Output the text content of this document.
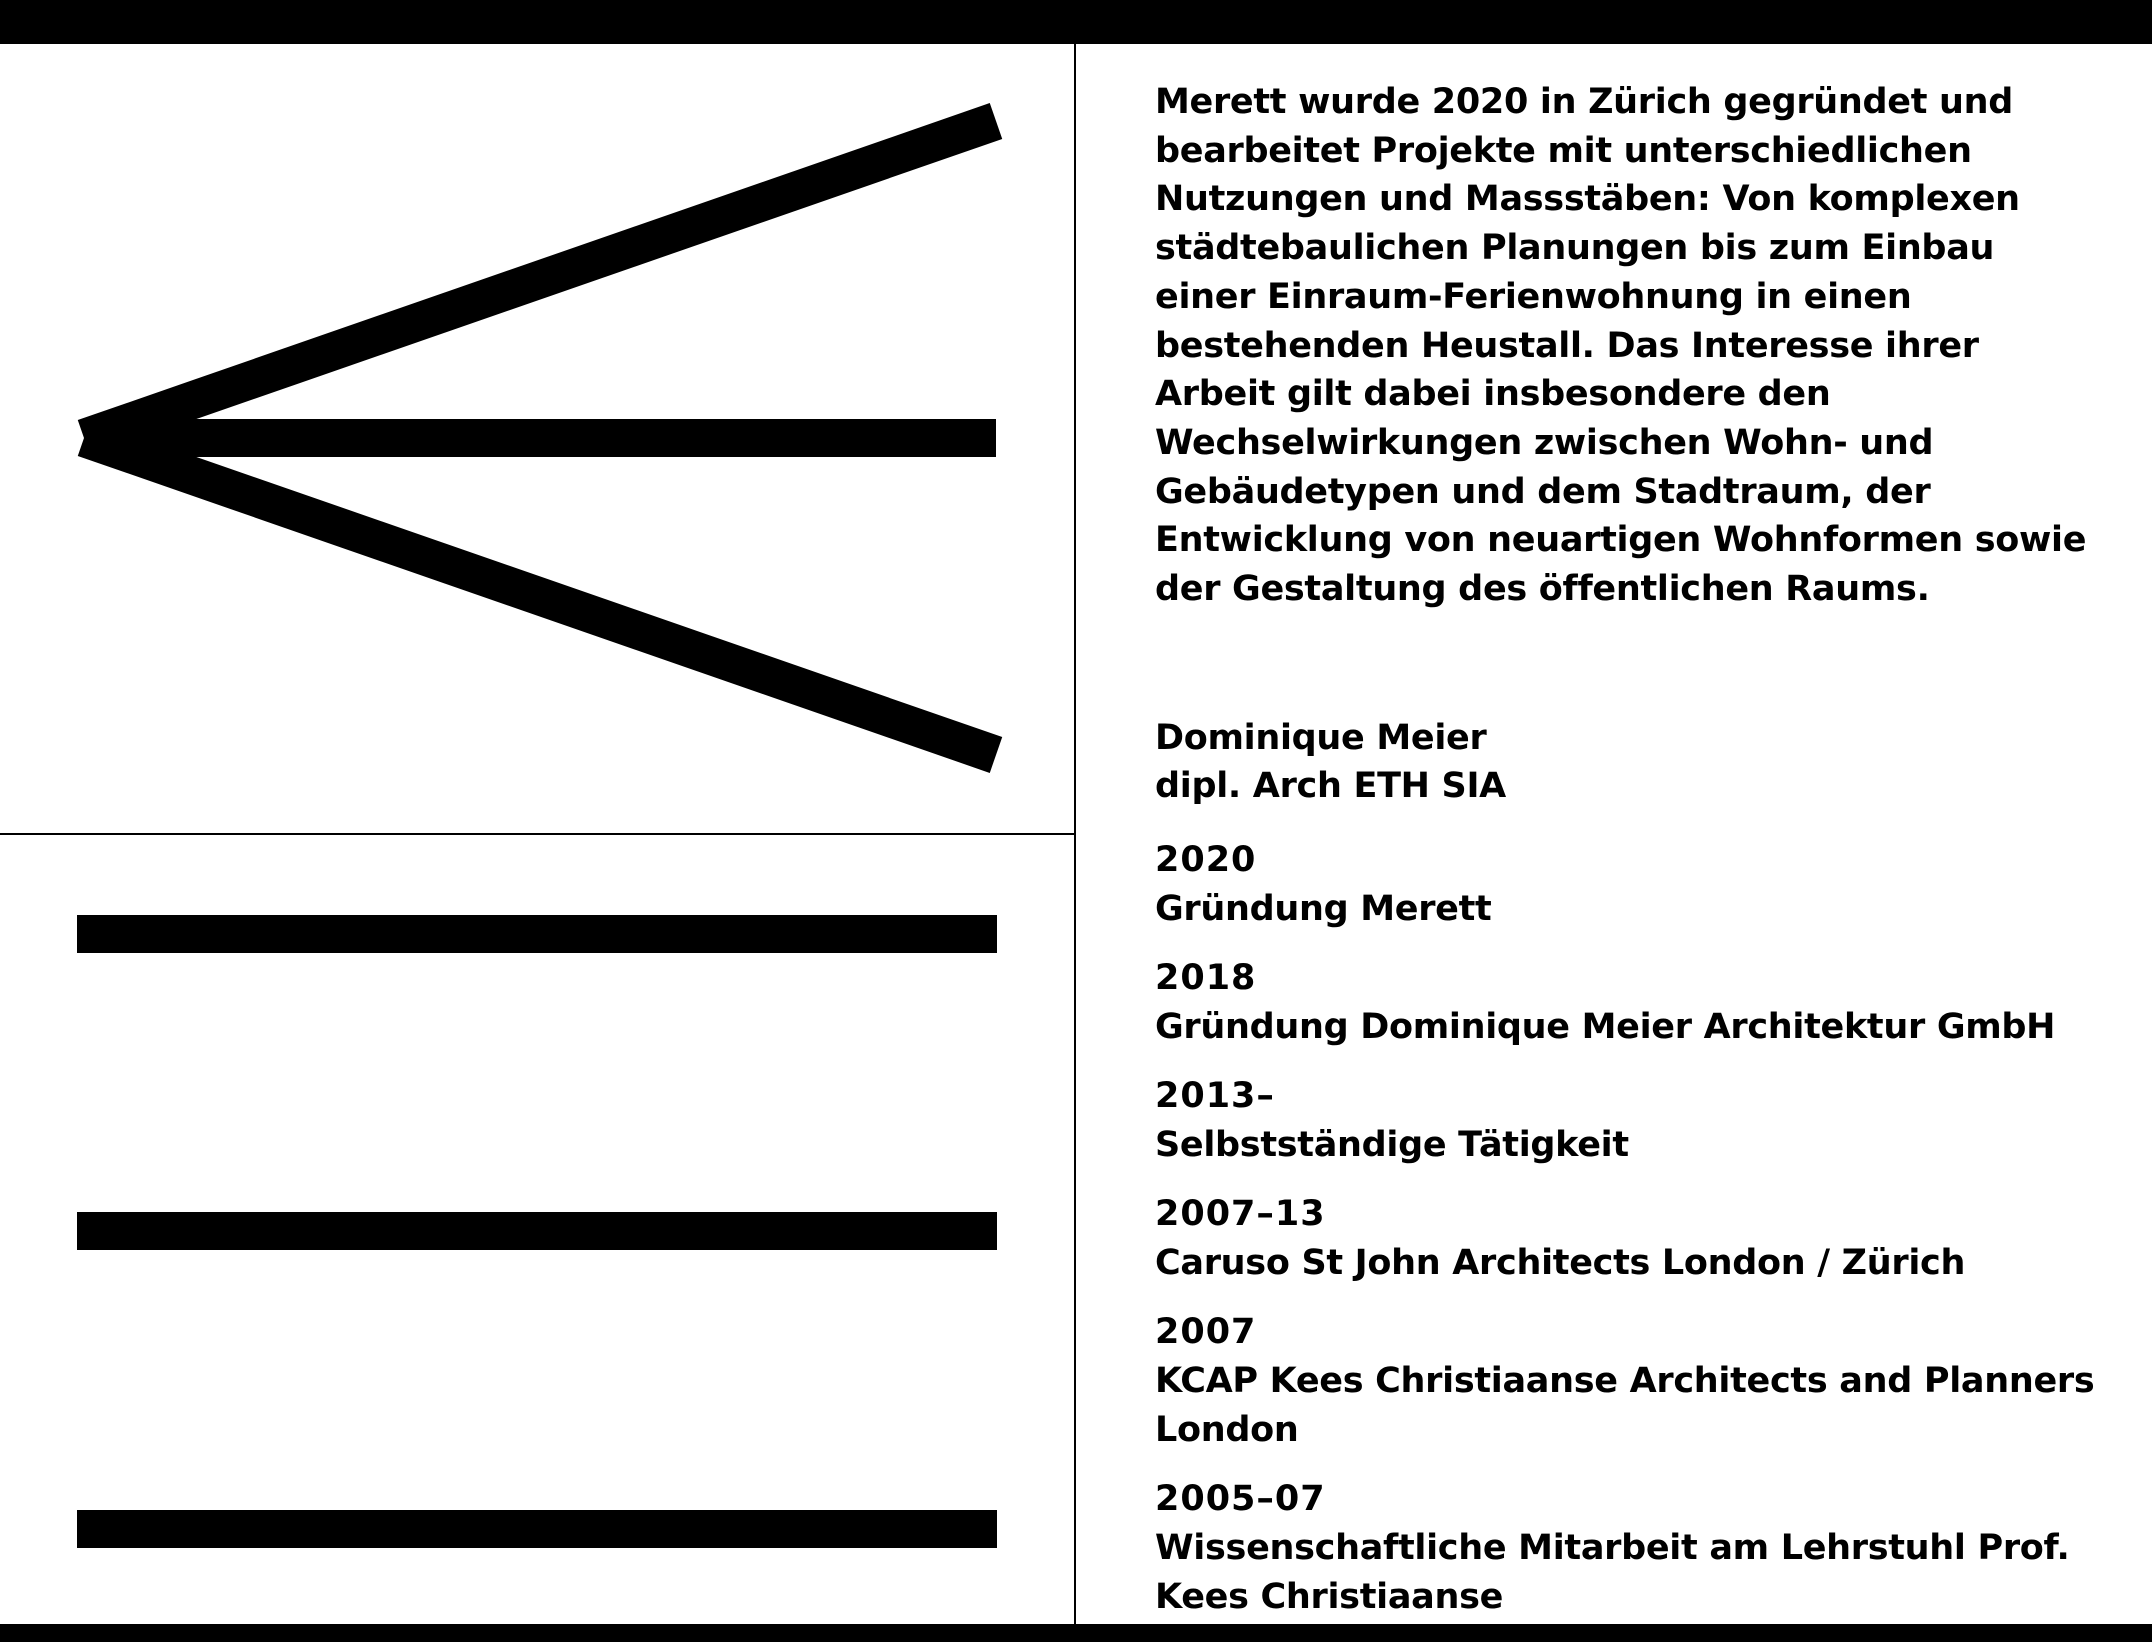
Merett wurde 2020 in Zürich gegründet und bearbeitet Projekte mit unterschiedlichen Nutzungen und Massstäben: Von komplexen städtebaulichen Planungen bis zum Einbau einer Einraum-Ferienwohnung in einen bestehenden Heustall. Das Interesse ihrer Arbeit gilt dabei insbesondere den Wechselwirkungen zwischen Wohn- und Gebäudetypen und dem Stadtraum, der Entwicklung von neuartigen Wohnformen sowie der Gestaltung des öffentlichen Raums.

Dominique Meier
dipl. Arch ETH SIA
2020
Gründung Merett
2018
Gründung Dominique Meier Architektur GmbH
2013–
Selbstständige Tätigkeit
2007–13
Caruso St John Architects London / Zürich
2007
KCAP Kees Christiaanse Architects and Planners London
2005–07
Wissenschaftliche Mitarbeit am Lehrstuhl Prof. Kees Christiaanse
